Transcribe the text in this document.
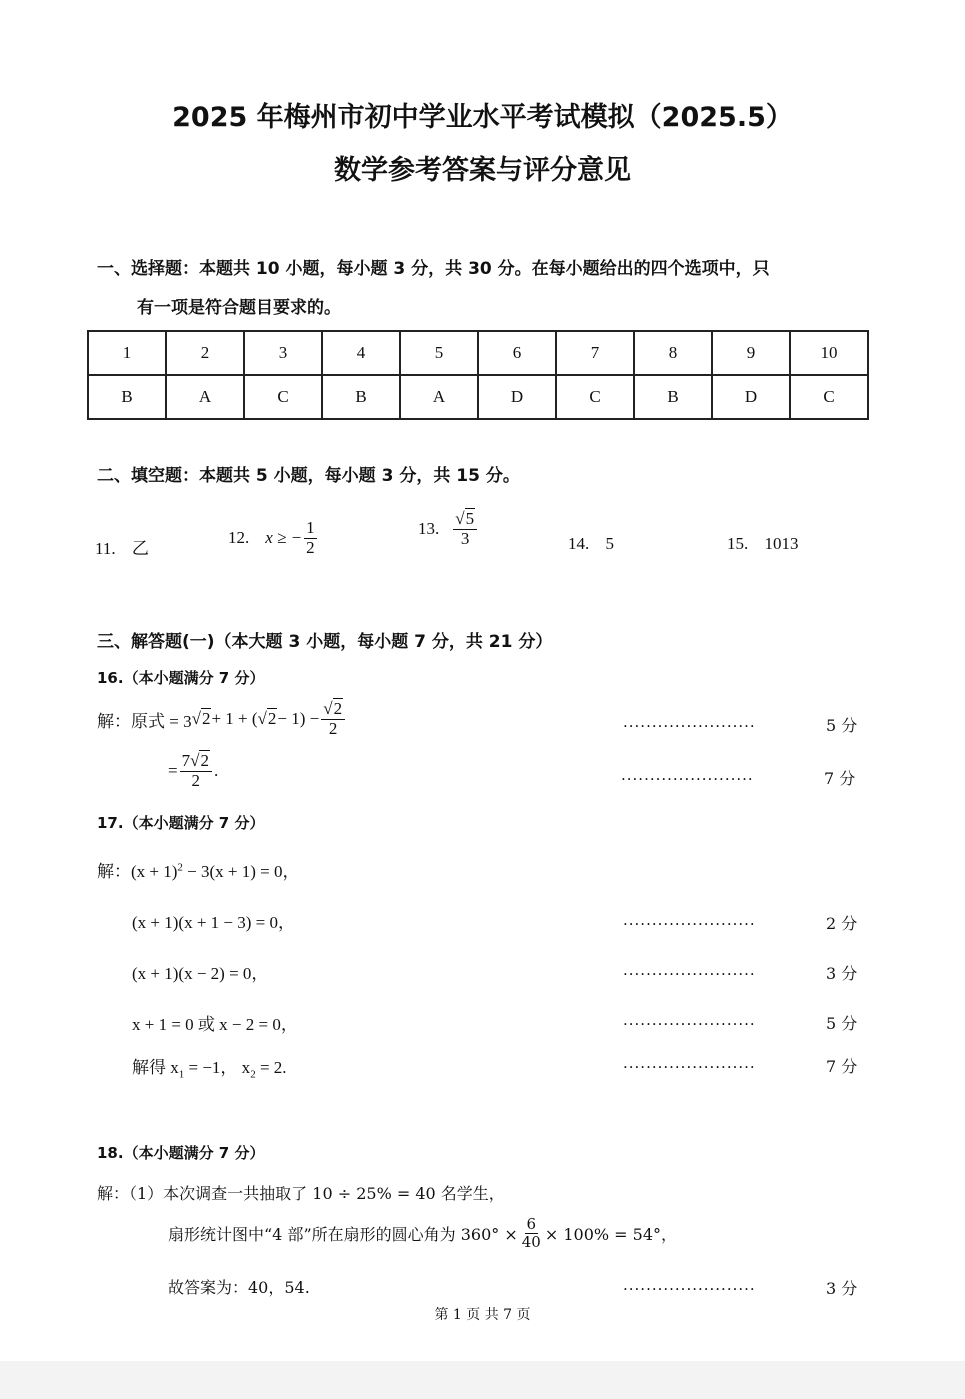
2025 年梅州市初中学业水平考试模拟（2025.5）
数学参考答案与评分意见
一、选择题：本题共 10 小题，每小题 3 分，共 30 分。在每小题给出的四个选项中，只
有一项是符合题目要求的。
1	2	3	4	5	6	7	8	9	10
B	A	C	B	A	D	C	B	D	C
二、填空题：本题共 5 小题，每小题 3 分，共 15 分。
11. 乙
12. x ≥ − $\frac{1}{2}$	13. $\frac{√5}{3}$	14. 5	15. 1013
三、解答题(一)（本大题 3 小题，每小题 7 分，共 21 分）
16.（本小题满分 7 分）
解： 原式 = 3 √2 + 1 + ( $√2 - 1) - \frac{√2}{2}$	.......................	5 分
= $\frac{7√2}{2}$ .	.......................	7 分
17.（本小题满分 7 分）
解：$(x + 1)^2 - 3(x + 1) = 0$，
(x + 1)(x + 1 − 3) = 0，	.......................	2 分
(x + 1)(x − 2) = 0，	.......................	3 分
x + 1 = 0 或 x − 2 = 0，	.......................	5 分
解得 $x_1 = -1$， $x_2 = 2$.	.......................	7 分
18.（本小题满分 7 分）
解：（1）本次调查一共抽取了 10 ÷ 25% = 40 名学生，
扇形统计图中“4 部”所在扇形的圆心角为 $360^\circ \times \frac{6}{40} \times 100\% = 54^\circ$，
故答案为：40，54.	.......................	3 分
第 1 页 共 7 页
